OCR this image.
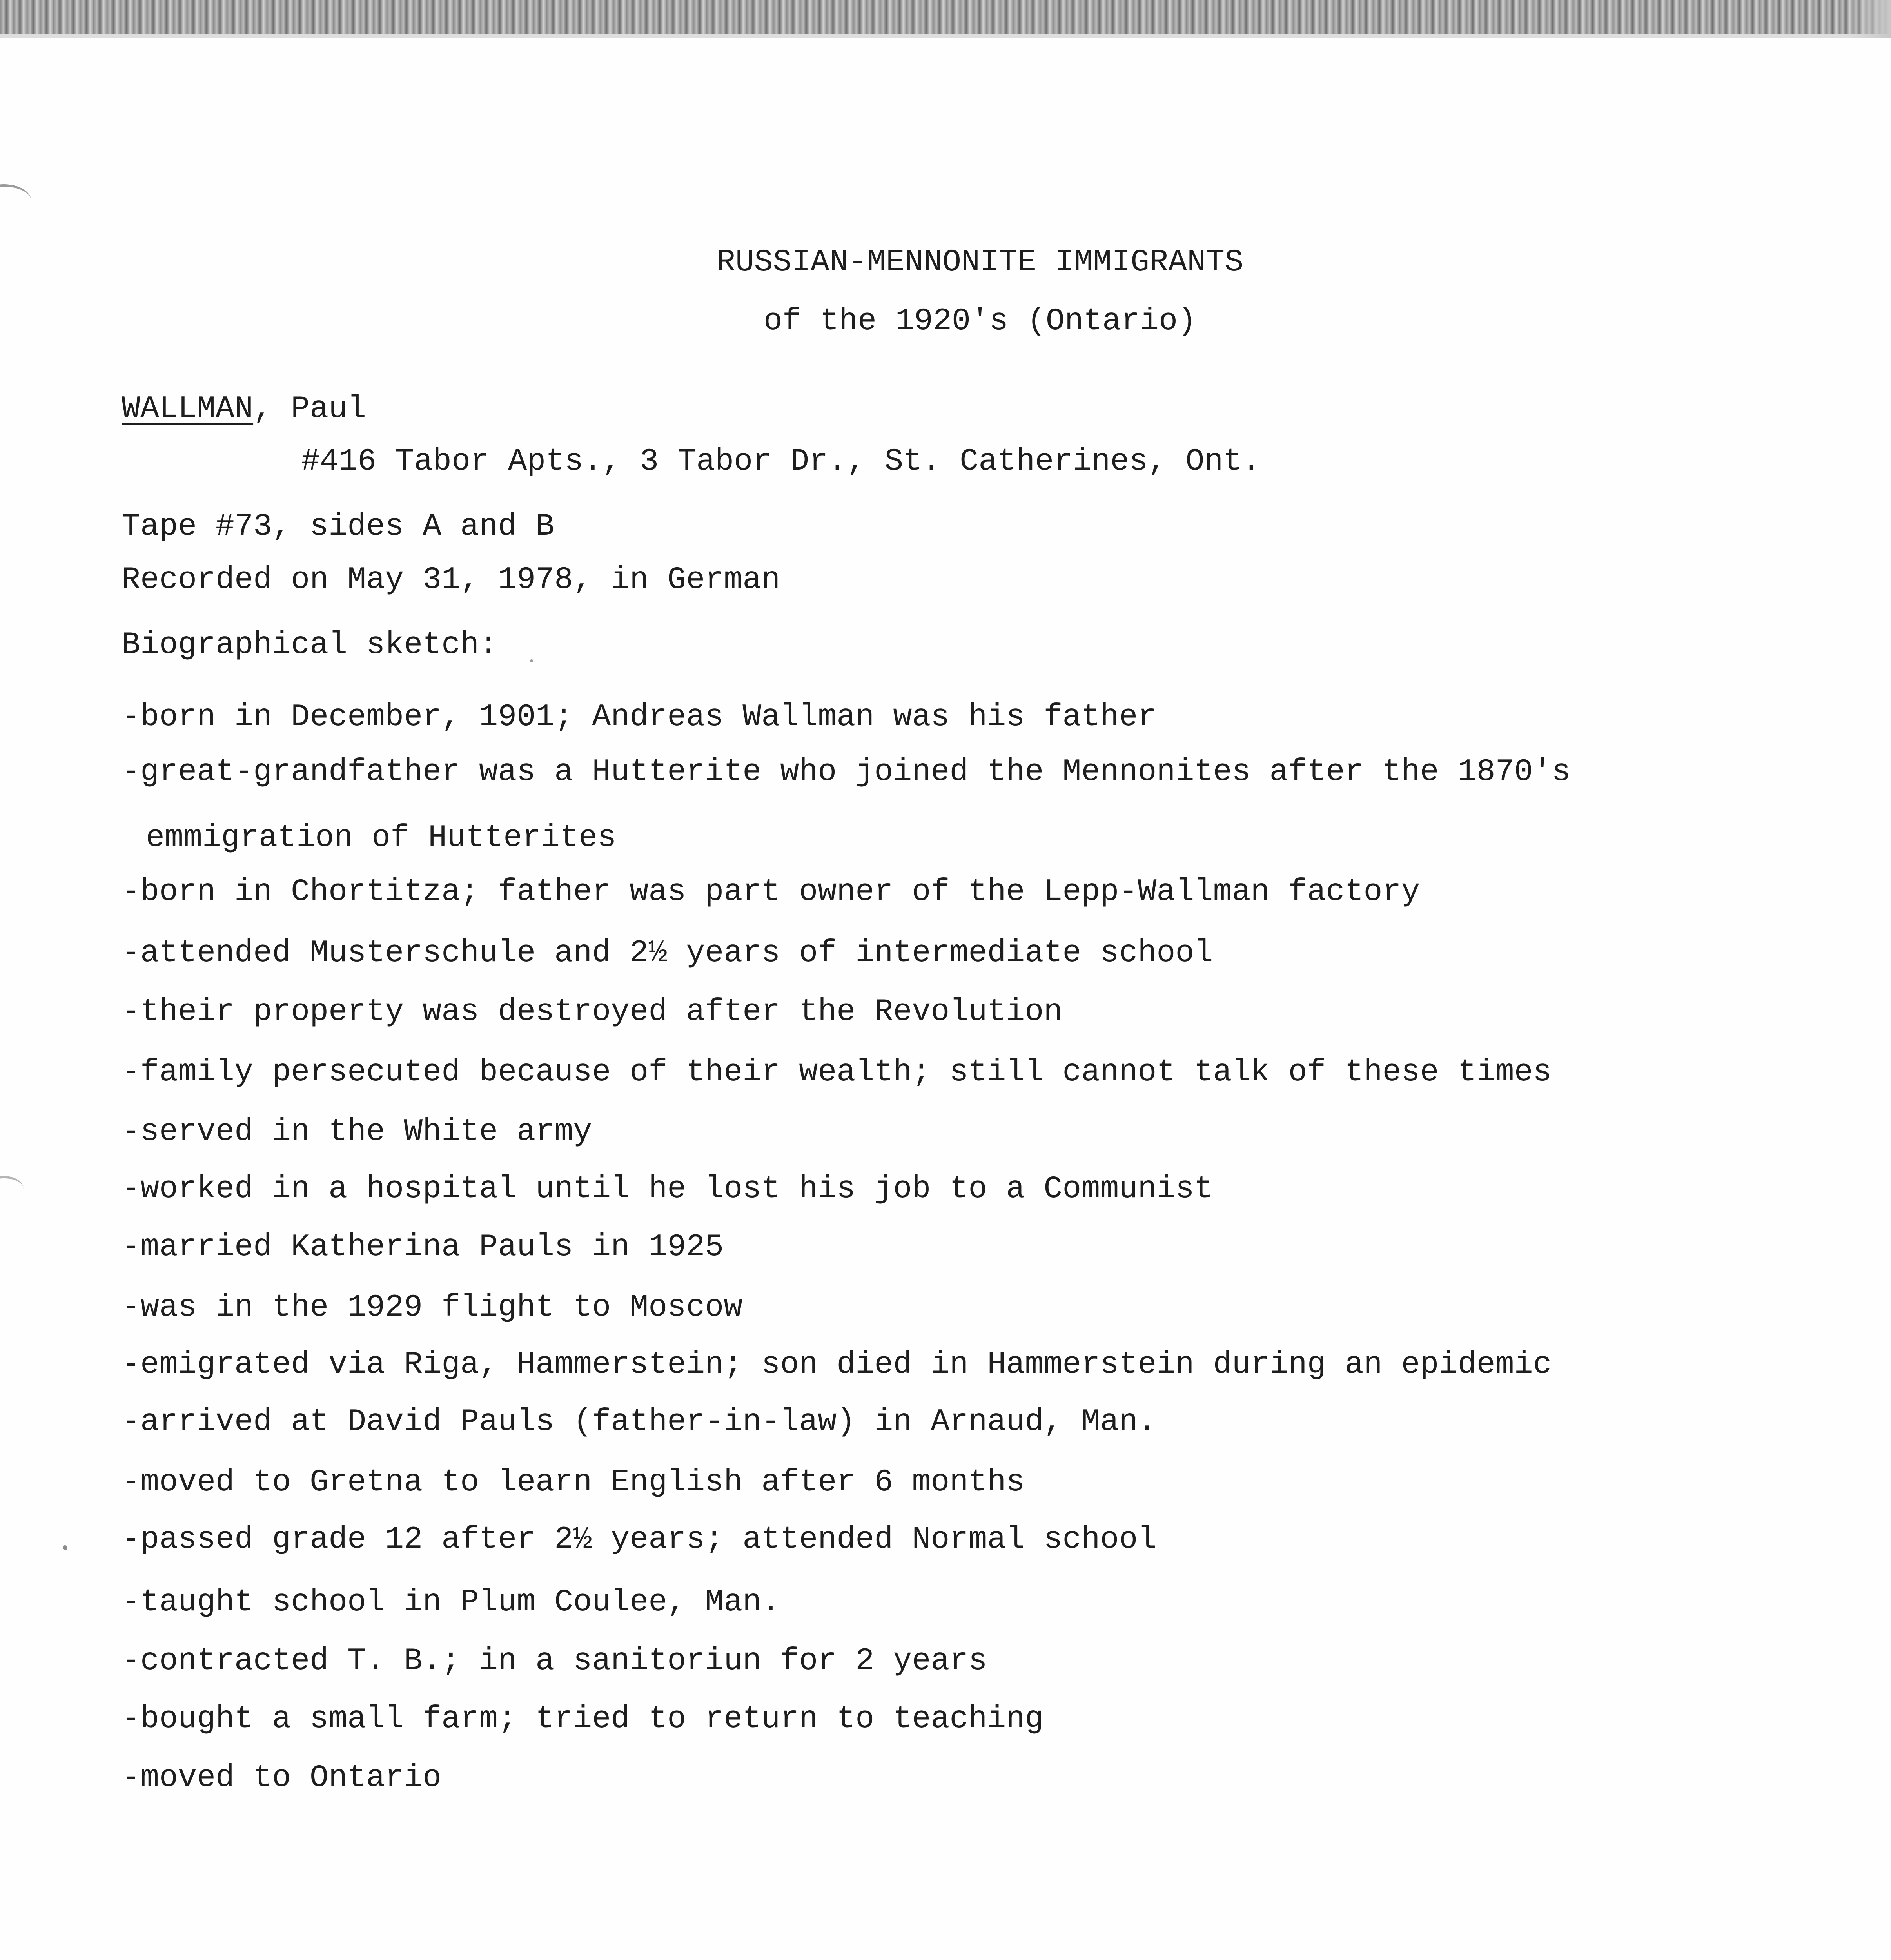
RUSSIAN-MENNONITE IMMIGRANTS
of the 1920's (Ontario)
WALLMAN, Paul
#416 Tabor Apts., 3 Tabor Dr., St. Catherines, Ont.
Tape #73, sides A and B
Recorded on May 31, 1978, in German
Biographical sketch:
-born in December, 1901; Andreas Wallman was his father
-great-grandfather was a Hutterite who joined the Mennonites after the 1870's
emmigration of Hutterites
-born in Chortitza; father was part owner of the Lepp-Wallman factory
-attended Musterschule and 2½ years of intermediate school
-their property was destroyed after the Revolution
-family persecuted because of their wealth; still cannot talk of these times
-served in the White army
-worked in a hospital until he lost his job to a Communist
-married Katherina Pauls in 1925
-was in the 1929 flight to Moscow
-emigrated via Riga, Hammerstein; son died in Hammerstein during an epidemic
-arrived at David Pauls (father-in-law) in Arnaud, Man.
-moved to Gretna to learn English after 6 months
-passed grade 12 after 2½ years; attended Normal school
-taught school in Plum Coulee, Man.
-contracted T. B.; in a sanitoriun for 2 years
-bought a small farm; tried to return to teaching
-moved to Ontario
